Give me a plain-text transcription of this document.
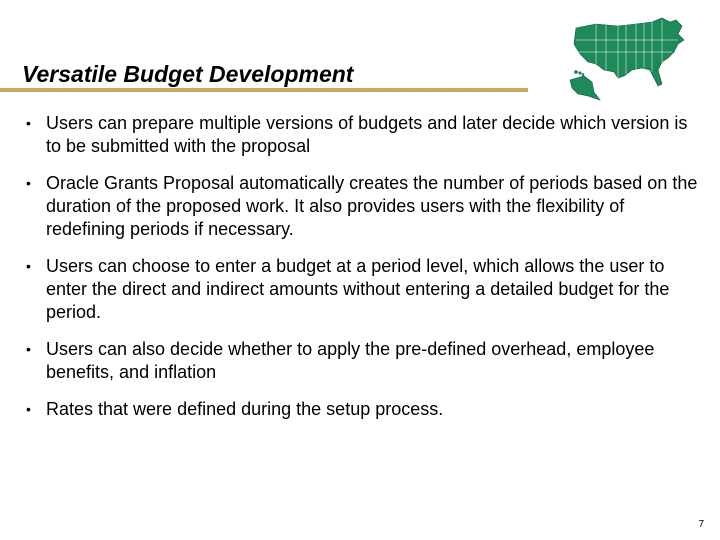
Versatile Budget Development
• Users can prepare multiple versions of budgets and later decide which version is to be submitted with the proposal
• Oracle Grants Proposal automatically creates the number of periods based on the duration of the proposed work. It also provides users with the flexibility of redefining periods if necessary.
• Users can choose to enter a budget at a period level, which allows the user to enter the direct and indirect amounts without entering a detailed budget for the period.
• Users can also decide whether to apply the pre-defined overhead, employee benefits, and inflation
• Rates that were defined during the setup process.
7
